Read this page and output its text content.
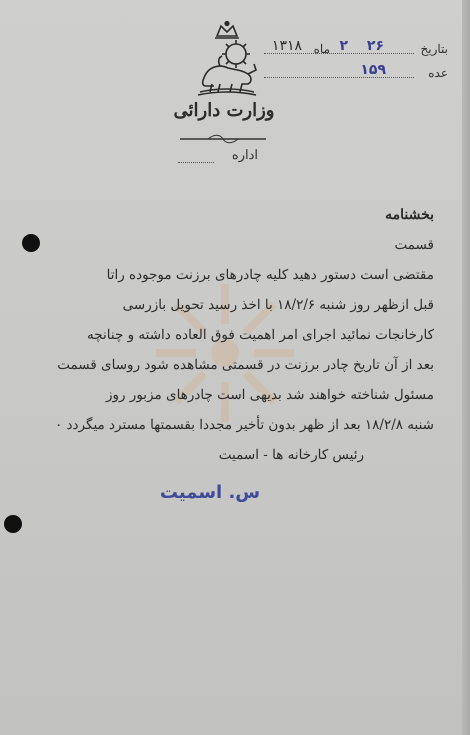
وزارت دارائی
اداره
بتاریخ
۲۶
۲
ماه
۱۳۱۸
عده
۱۵۹
بخشنامه
قسمت
مقتضی است دستور دهید کلیه چادرهای برزنت موجوده راتا
قبل ازظهر روز شنبه ۱۸/۲/۶ با اخذ رسید تحویل بازرسی
کارخانجات نمائید اجرای امر اهمیت فوق العاده داشته و چنانچه
بعد از آن تاریخ چادر برزنت در قسمتی مشاهده شود روسای قسمت
مسئول شناخته خواهند شد بدیهی است چادرهای مزبور روز
شنبه ۱۸/۲/۸ بعد از ظهر بدون تأخیر مجددا بقسمتها مسترد میگردد ۰
رئیس کارخانه ها - اسمیت
س. اسمیت
